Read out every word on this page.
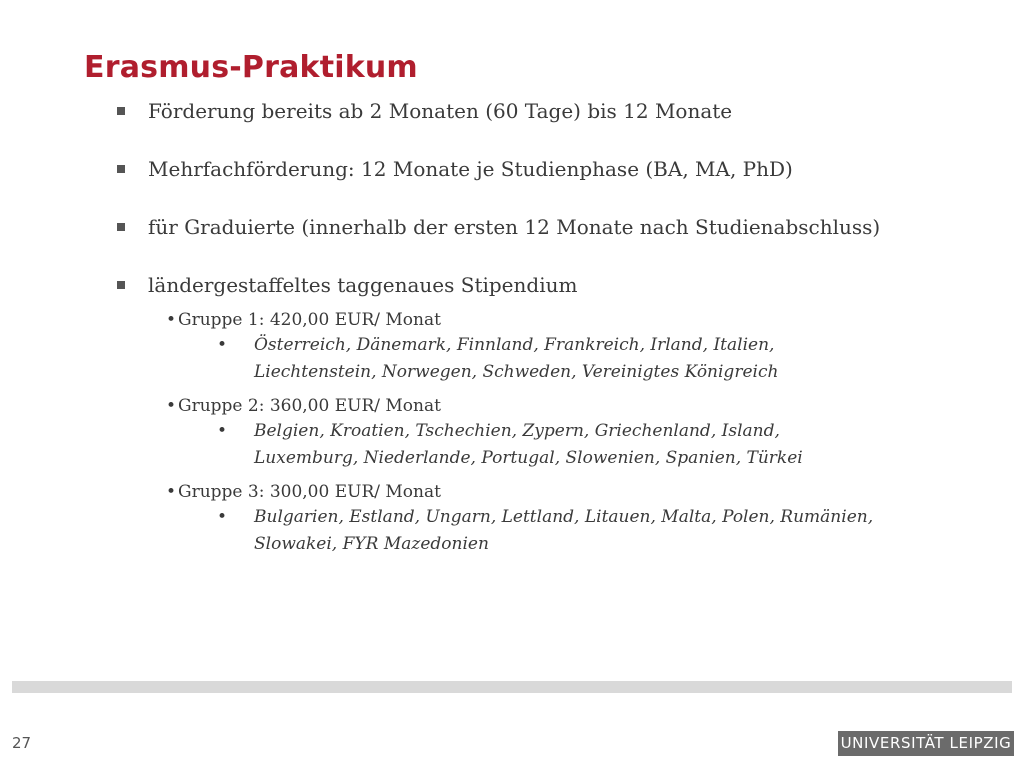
Erasmus-Praktikum
Förderung bereits ab 2 Monaten (60 Tage) bis 12 Monate
Mehrfachförderung: 12 Monate je Studienphase (BA, MA, PhD)
für Graduierte (innerhalb der ersten 12 Monate nach Studienabschluss)
ländergestaffeltes taggenaues Stipendium
• Gruppe 1: 420,00 EUR/ Monat
• Österreich, Dänemark, Finnland, Frankreich, Irland, Italien, Liechtenstein, Norwegen, Schweden, Vereinigtes Königreich
• Gruppe 2: 360,00 EUR/ Monat
• Belgien, Kroatien, Tschechien, Zypern, Griechenland, Island, Luxemburg, Niederlande, Portugal, Slowenien, Spanien, Türkei
• Gruppe 3: 300,00 EUR/ Monat
• Bulgarien, Estland, Ungarn, Lettland, Litauen, Malta, Polen, Rumänien, Slowakei, FYR Mazedonien
27	UNIVERSITÄT LEIPZIG
